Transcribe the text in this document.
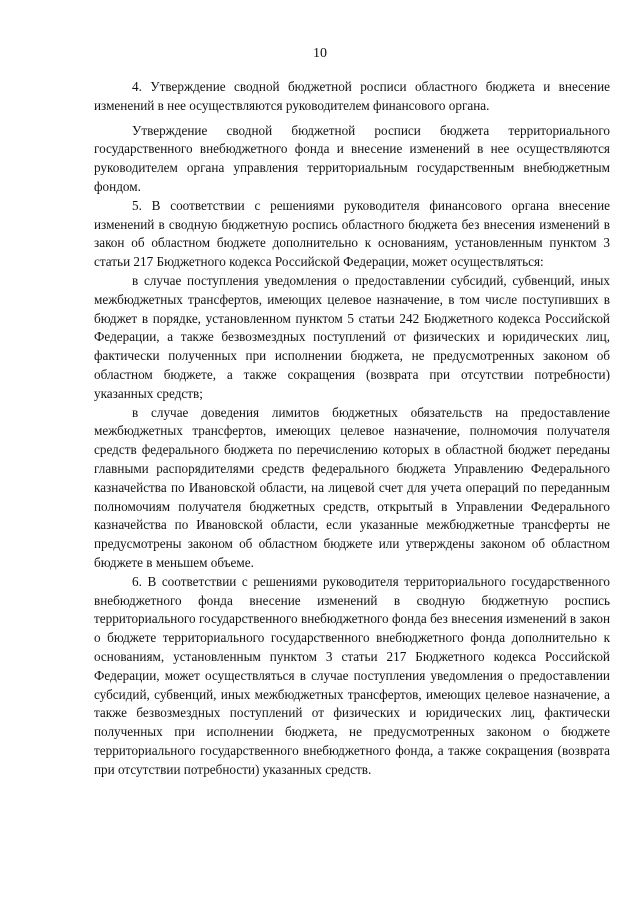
10

4. Утверждение сводной бюджетной росписи областного бюджета и внесение изменений в нее осуществляются руководителем финансового органа.

Утверждение сводной бюджетной росписи бюджета территориального государственного внебюджетного фонда и внесение изменений в нее осуществляются руководителем органа управления территориальным государственным внебюджетным фондом.

5. В соответствии с решениями руководителя финансового органа внесение изменений в сводную бюджетную роспись областного бюджета без внесения изменений в закон об областном бюджете дополнительно к основаниям, установленным пунктом 3 статьи 217 Бюджетного кодекса Российской Федерации, может осуществляться:

в случае поступления уведомления о предоставлении субсидий, субвенций, иных межбюджетных трансфертов, имеющих целевое назначение, в том числе поступивших в бюджет в порядке, установленном пунктом 5 статьи 242 Бюджетного кодекса Российской Федерации, а также безвозмездных поступлений от физических и юридических лиц, фактически полученных при исполнении бюджета, не предусмотренных законом об областном бюджете, а также сокращения (возврата при отсутствии потребности) указанных средств;

в случае доведения лимитов бюджетных обязательств на предоставление межбюджетных трансфертов, имеющих целевое назначение, полномочия получателя средств федерального бюджета по перечислению которых в областной бюджет переданы главными распорядителями средств федерального бюджета Управлению Федерального казначейства по Ивановской области, на лицевой счет для учета операций по переданным полномочиям получателя бюджетных средств, открытый в Управлении Федерального казначейства по Ивановской области, если указанные межбюджетные трансферты не предусмотрены законом об областном бюджете или утверждены законом об областном бюджете в меньшем объеме.

6. В соответствии с решениями руководителя территориального государственного внебюджетного фонда внесение изменений в сводную бюджетную роспись территориального государственного внебюджетного фонда без внесения изменений в закон о бюджете территориального государственного внебюджетного фонда дополнительно к основаниям, установленным пунктом 3 статьи 217 Бюджетного кодекса Российской Федерации, может осуществляться в случае поступления уведомления о предоставлении субсидий, субвенций, иных межбюджетных трансфертов, имеющих целевое назначение, а также безвозмездных поступлений от физических и юридических лиц, фактически полученных при исполнении бюджета, не предусмотренных законом о бюджете территориального государственного внебюджетного фонда, а также сокращения (возврата при отсутствии потребности) указанных средств.
